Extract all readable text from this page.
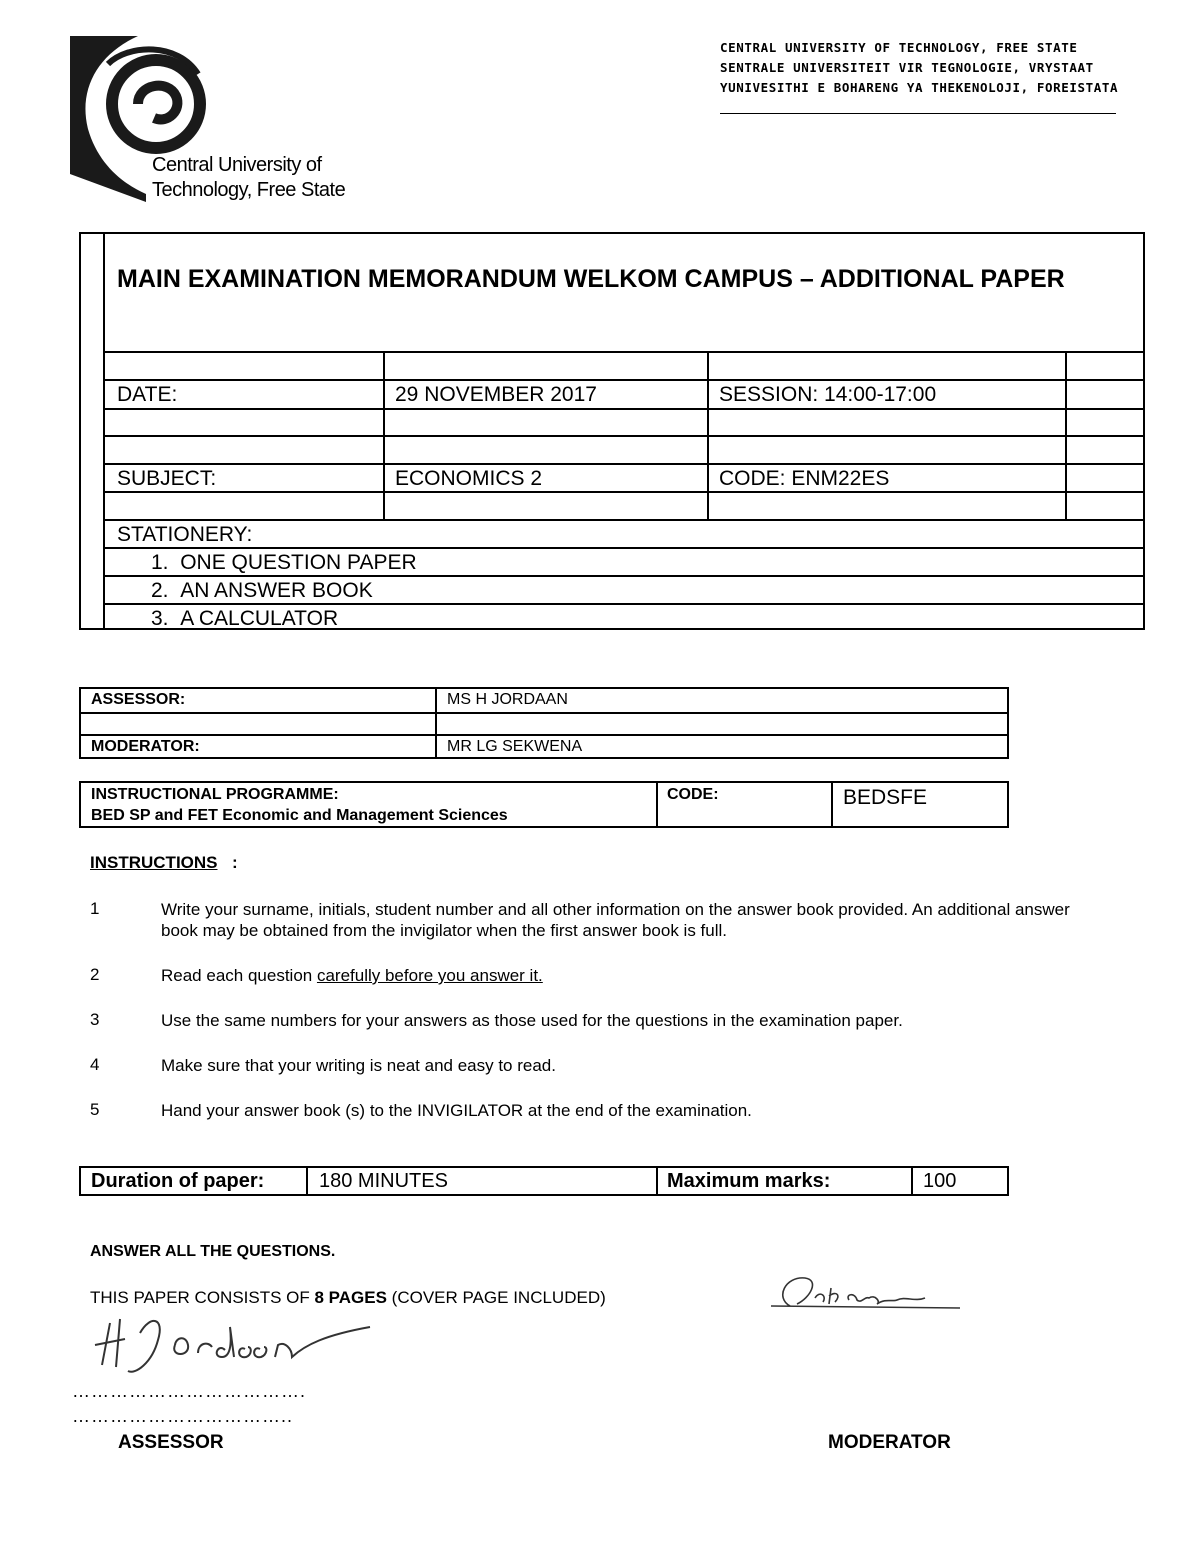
Central University of
Technology, Free State
CENTRAL UNIVERSITY OF TECHNOLOGY, FREE STATE
SENTRALE UNIVERSITEIT VIR TEGNOLOGIE, VRYSTAAT
YUNIVESITHI E BOHARENG YA THEKENOLOJI, FOREISTATA
MAIN EXAMINATION MEMORANDUM WELKOM CAMPUS – ADDITIONAL PAPER
DATE:	29 NOVEMBER 2017	SESSION: 14:00-17:00
SUBJECT:	ECONOMICS 2	CODE: ENM22ES
STATIONERY:
1.  ONE QUESTION PAPER
2.  AN ANSWER BOOK
3.  A CALCULATOR
ASSESSOR:	MS H JORDAAN
MODERATOR:	MR LG SEKWENA
INSTRUCTIONAL PROGRAMME:
BED SP and FET Economic and Management Sciences
CODE:	BEDSFE
INSTRUCTIONS :
1	Write your surname, initials, student number and all other information on the answer book provided. An additional answer book may be obtained from the invigilator when the first answer book is full.
2	Read each question carefully before you answer it.
3	Use the same numbers for your answers as those used for the questions in the examination paper.
4	Make sure that your writing is neat and easy to read.
5	Hand your answer book (s) to the INVIGILATOR at the end of the examination.
Duration of paper:	180 MINUTES	Maximum marks:	100
ANSWER ALL THE QUESTIONS.
THIS PAPER CONSISTS OF 8 PAGES (COVER PAGE INCLUDED)
……………………………….
……………………………..
ASSESSOR	MODERATOR
